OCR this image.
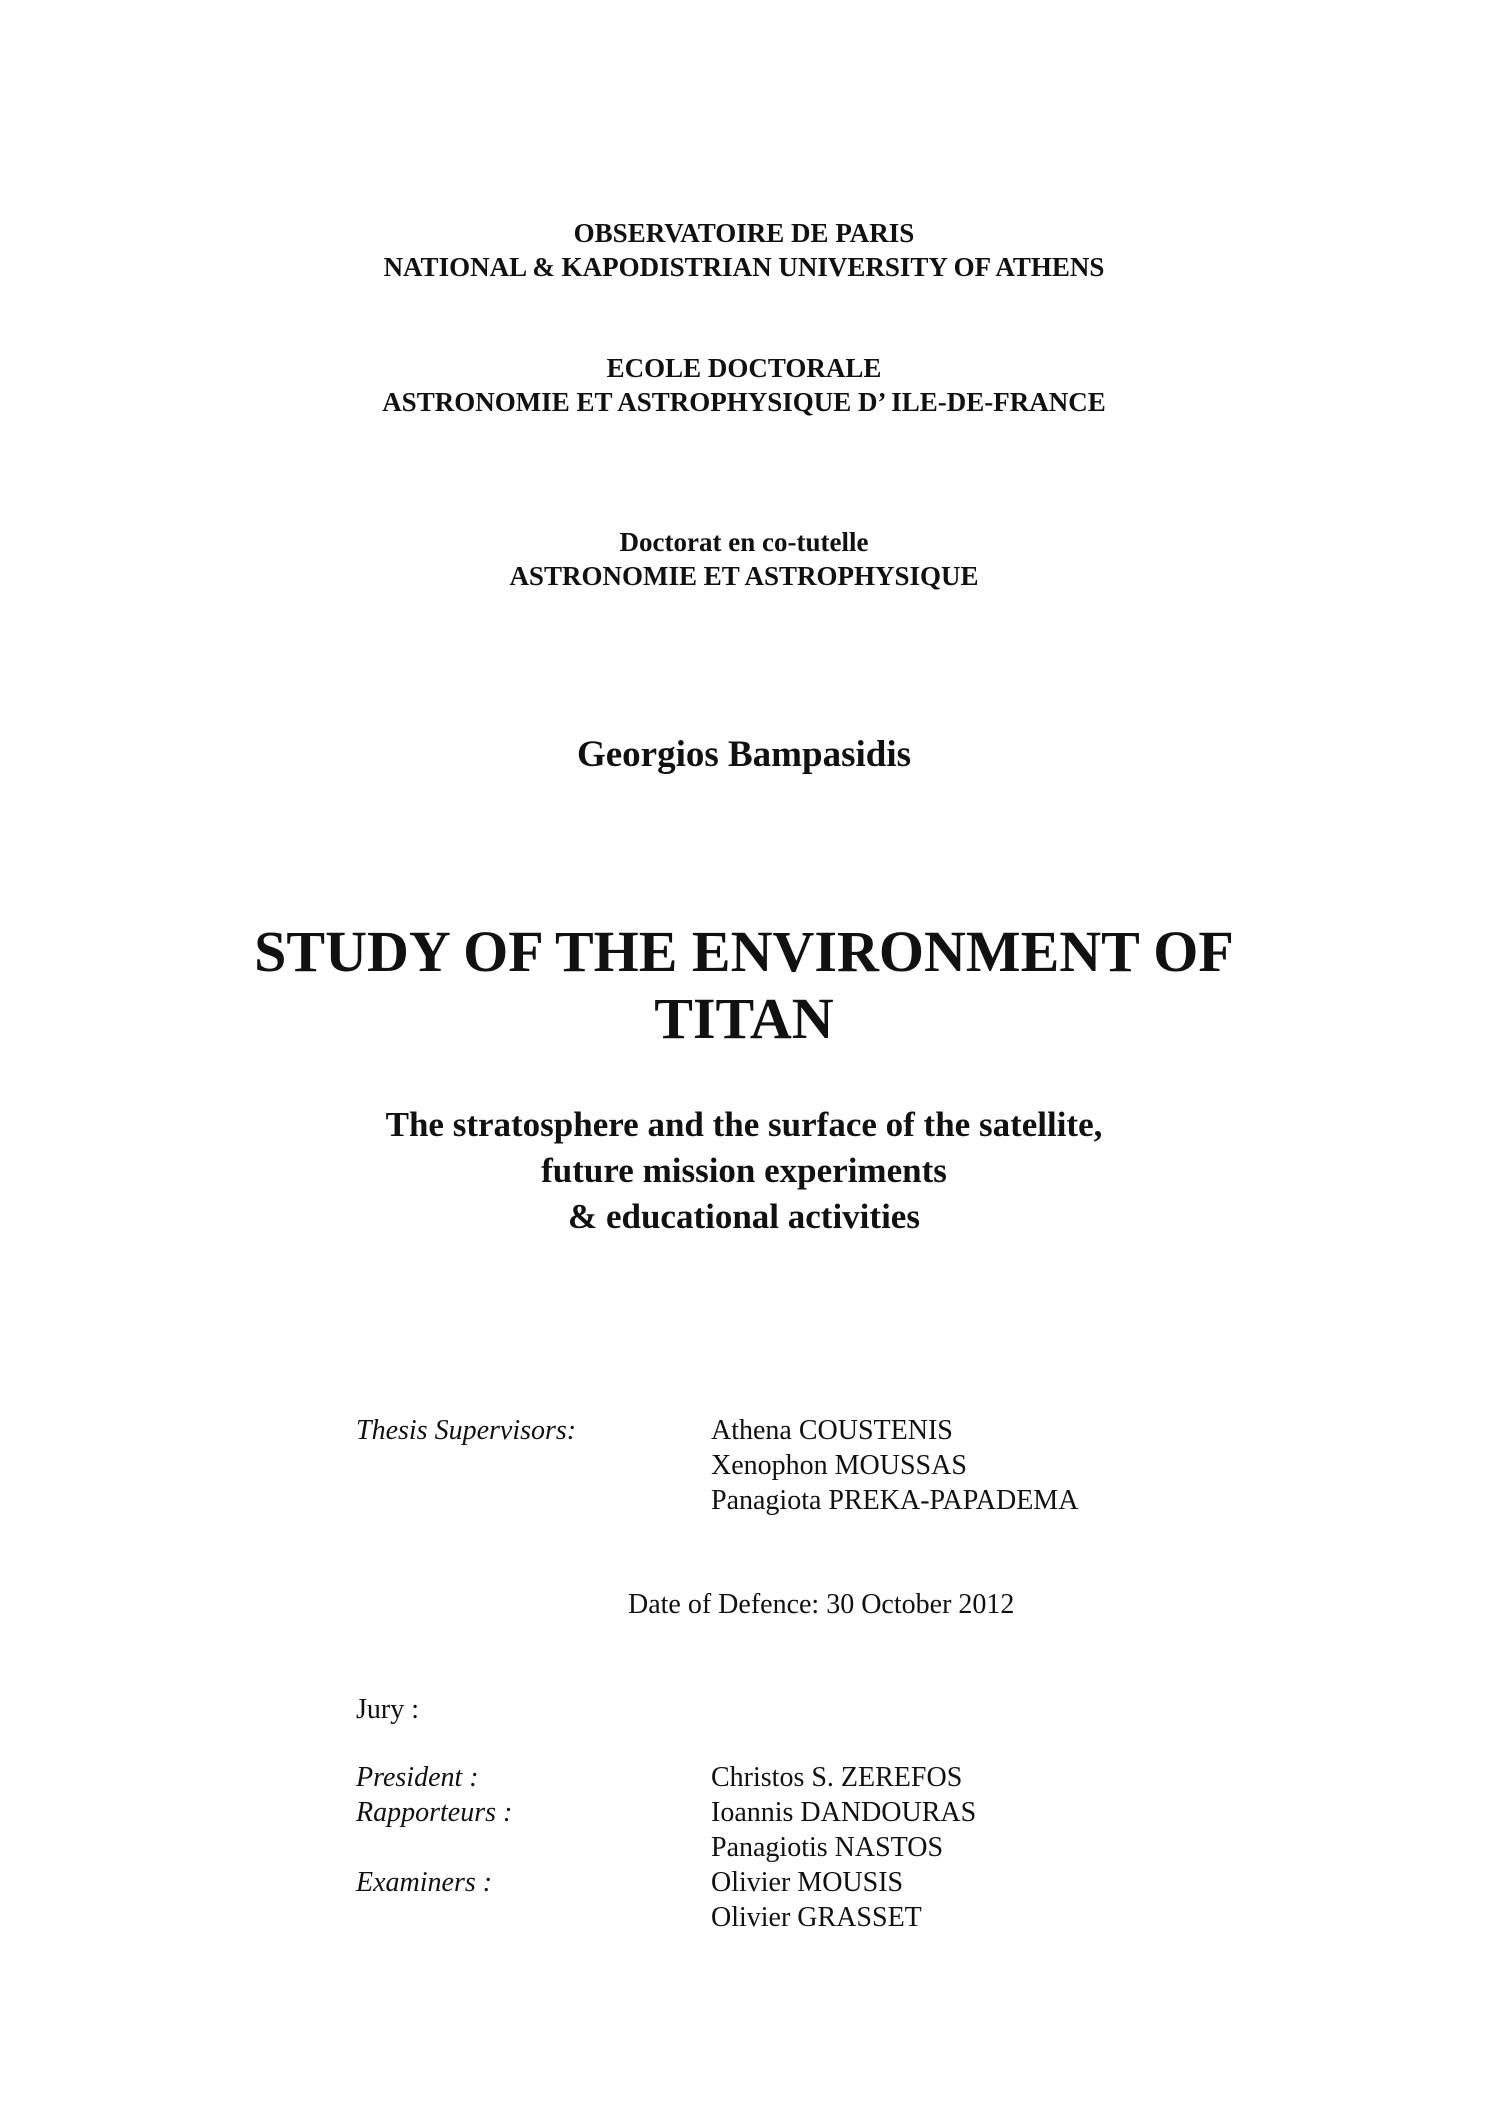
OBSERVATOIRE DE PARIS
NATIONAL & KAPODISTRIAN UNIVERSITY OF ATHENS
ECOLE DOCTORALE
ASTRONOMIE ET ASTROPHYSIQUE D’ ILE-DE-FRANCE
Doctorat en co-tutelle
ASTRONOMIE ET ASTROPHYSIQUE
Georgios Bampasidis
STUDY OF THE ENVIRONMENT OF
TITAN
The stratosphere and the surface of the satellite,
future mission experiments
& educational activities
Thesis Supervisors:	Athena COUSTENIS
Xenophon MOUSSAS
Panagiota PREKA-PAPADEMA
Date of Defence: 30 October 2012
Jury :
President :	Christos S. ZEREFOS
Rapporteurs :	Ioannis DANDOURAS
Panagiotis NASTOS
Examiners :	Olivier MOUSIS
Olivier GRASSET
